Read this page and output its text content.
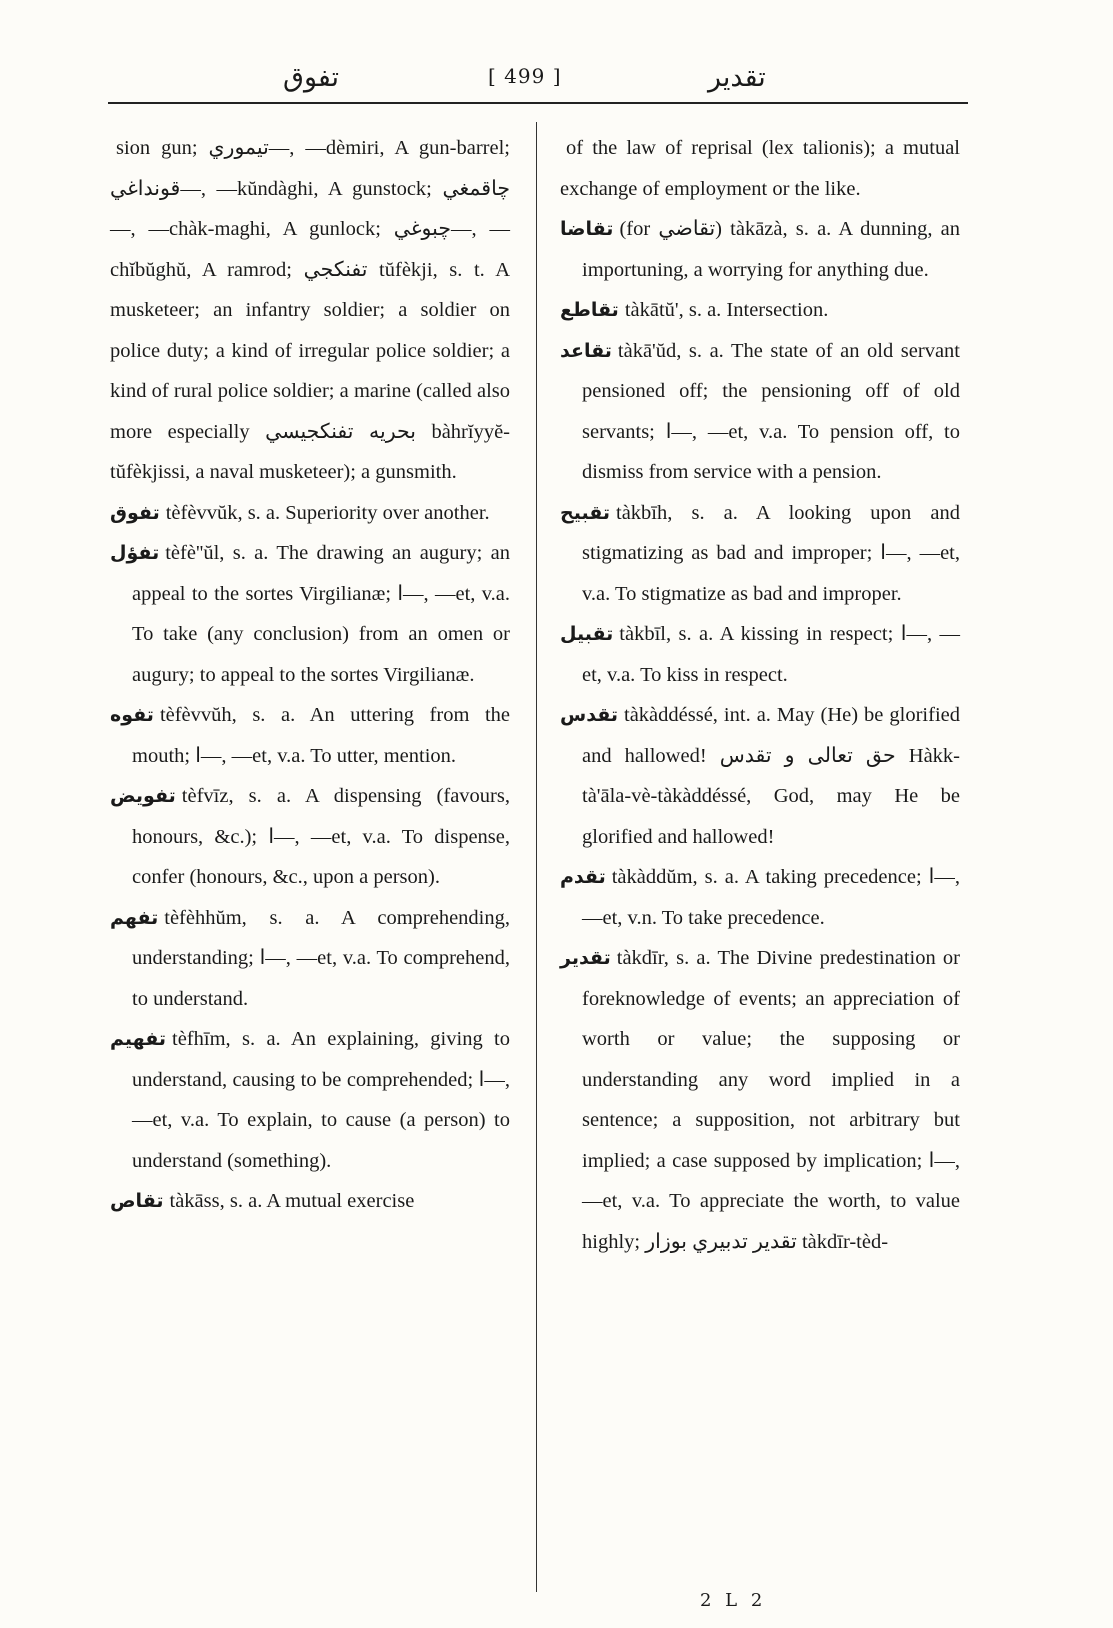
تفوق	[ 499 ]	تقدير

sion gun; تيموري—, —dèmiri, A gun-barrel; قونداغي—, —kŭndàghi, A gunstock; چاقمغي—, —chàk-maghi, A gunlock; چبوغي—, —chĭbŭghŭ, A ramrod; تفنكجي tŭfèkji, s. t. A musketeer; an infantry soldier; a soldier on police duty; a kind of irregular police soldier; a kind of rural police soldier; a marine (called also more especially بحريه تفنكجيسي bàhrĭyyĕ-tŭfèkjissi, a naval musketeer); a gunsmith.

تفوق tèfèvvŭk, s. a. Superiority over another.

تفؤل tèfè''ŭl, s. a. The drawing an augury; an appeal to the sortes Virgilianæ; ا—, —et, v.a. To take (any conclusion) from an omen or augury; to appeal to the sortes Virgilianæ.

تفوه tèfèvvŭh, s. a. An uttering from the mouth; ا—, —et, v.a. To utter, mention.

تفويض tèfvīz, s. a. A dispensing (favours, honours, &c.); ا—, —et, v.a. To dispense, confer (honours, &c., upon a person).

تفهم tèfèhhŭm, s. a. A comprehending, understanding; ا—, —et, v.a. To comprehend, to understand.

تفهيم tèfhīm, s. a. An explaining, giving to understand, causing to be comprehended; ا—, —et, v.a. To explain, to cause (a person) to understand (something).

تقاص tàkāss, s. a. A mutual exercise

of the law of reprisal (lex talionis); a mutual exchange of employment or the like.

تقاضا (for تقاضي) tàkāzà, s. a. A dunning, an importuning, a worrying for anything due.

تقاطع tàkātŭ', s. a. Intersection.

تقاعد tàkā'ŭd, s. a. The state of an old servant pensioned off; the pensioning off of old servants; ا—, —et, v.a. To pension off, to dismiss from service with a pension.

تقبيح tàkbīh, s. a. A looking upon and stigmatizing as bad and improper; ا—, —et, v.a. To stigmatize as bad and improper.

تقبيل tàkbīl, s. a. A kissing in respect; ا—, —et, v.a. To kiss in respect.

تقدس tàkàddéssé, int. a. May (He) be glorified and hallowed! حق تعالى و تقدس Hàkk-tà'āla-vè-tàkàddéssé, God, may He be glorified and hallowed!

تقدم tàkàddŭm, s. a. A taking precedence; ا—, —et, v.n. To take precedence.

تقدير tàkdīr, s. a. The Divine predestination or foreknowledge of events; an appreciation of worth or value; the supposing or understanding any word implied in a sentence; a supposition, not arbitrary but implied; a case supposed by implication; ا—, —et, v.a. To appreciate the worth, to value highly; تقدير تدبيري بوزار tàkdīr-tèd-

2 L 2
